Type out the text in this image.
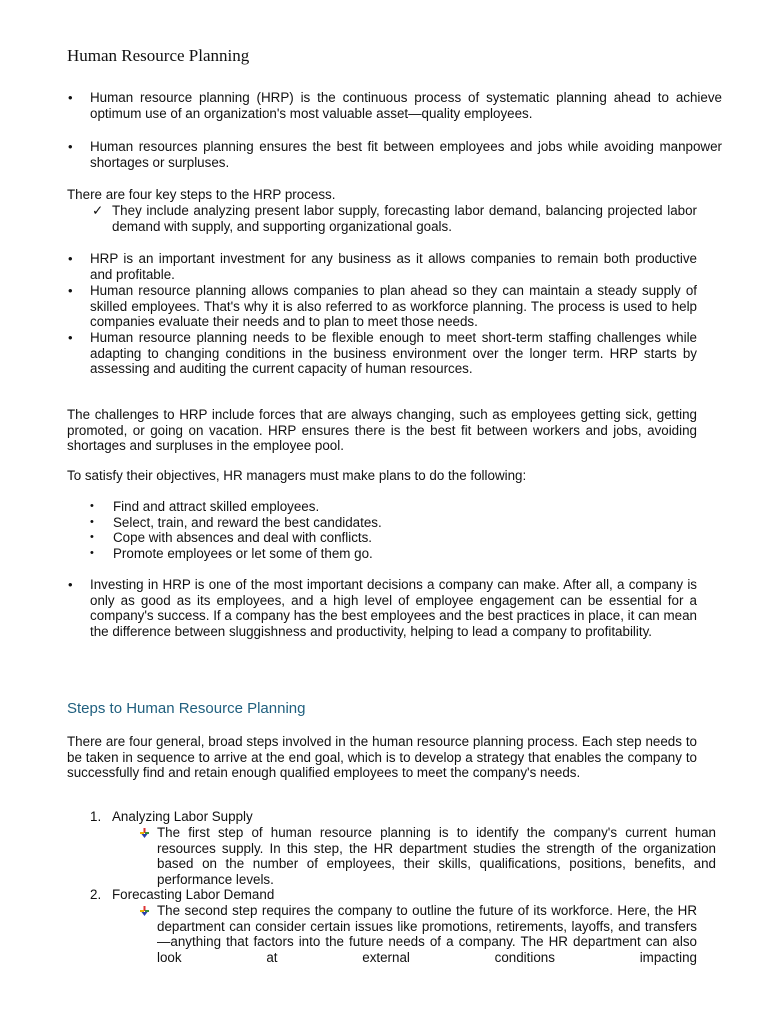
Human Resource Planning
• Human resource planning (HRP) is the continuous process of systematic planning ahead to achieve optimum use of an organization's most valuable asset—quality employees.
• Human resources planning ensures the best fit between employees and jobs while avoiding manpower shortages or surpluses.
There are four key steps to the HRP process.
✓ They include analyzing present labor supply, forecasting labor demand, balancing projected labor demand with supply, and supporting organizational goals.
• HRP is an important investment for any business as it allows companies to remain both productive and profitable.
• Human resource planning allows companies to plan ahead so they can maintain a steady supply of skilled employees. That's why it is also referred to as workforce planning. The process is used to help companies evaluate their needs and to plan to meet those needs.
• Human resource planning needs to be flexible enough to meet short-term staffing challenges while adapting to changing conditions in the business environment over the longer term. HRP starts by assessing and auditing the current capacity of human resources.
The challenges to HRP include forces that are always changing, such as employees getting sick, getting promoted, or going on vacation. HRP ensures there is the best fit between workers and jobs, avoiding shortages and surpluses in the employee pool.
To satisfy their objectives, HR managers must make plans to do the following:
• Find and attract skilled employees.
• Select, train, and reward the best candidates.
• Cope with absences and deal with conflicts.
• Promote employees or let some of them go.
• Investing in HRP is one of the most important decisions a company can make. After all, a company is only as good as its employees, and a high level of employee engagement can be essential for a company's success. If a company has the best employees and the best practices in place, it can mean the difference between sluggishness and productivity, helping to lead a company to profitability.
Steps to Human Resource Planning
There are four general, broad steps involved in the human resource planning process. Each step needs to be taken in sequence to arrive at the end goal, which is to develop a strategy that enables the company to successfully find and retain enough qualified employees to meet the company's needs.
1. Analyzing Labor Supply
The first step of human resource planning is to identify the company's current human resources supply. In this step, the HR department studies the strength of the organization based on the number of employees, their skills, qualifications, positions, benefits, and performance levels.
2. Forecasting Labor Demand
The second step requires the company to outline the future of its workforce. Here, the HR department can consider certain issues like promotions, retirements, layoffs, and transfers—anything that factors into the future needs of a company. The HR department can also look at external conditions impacting
